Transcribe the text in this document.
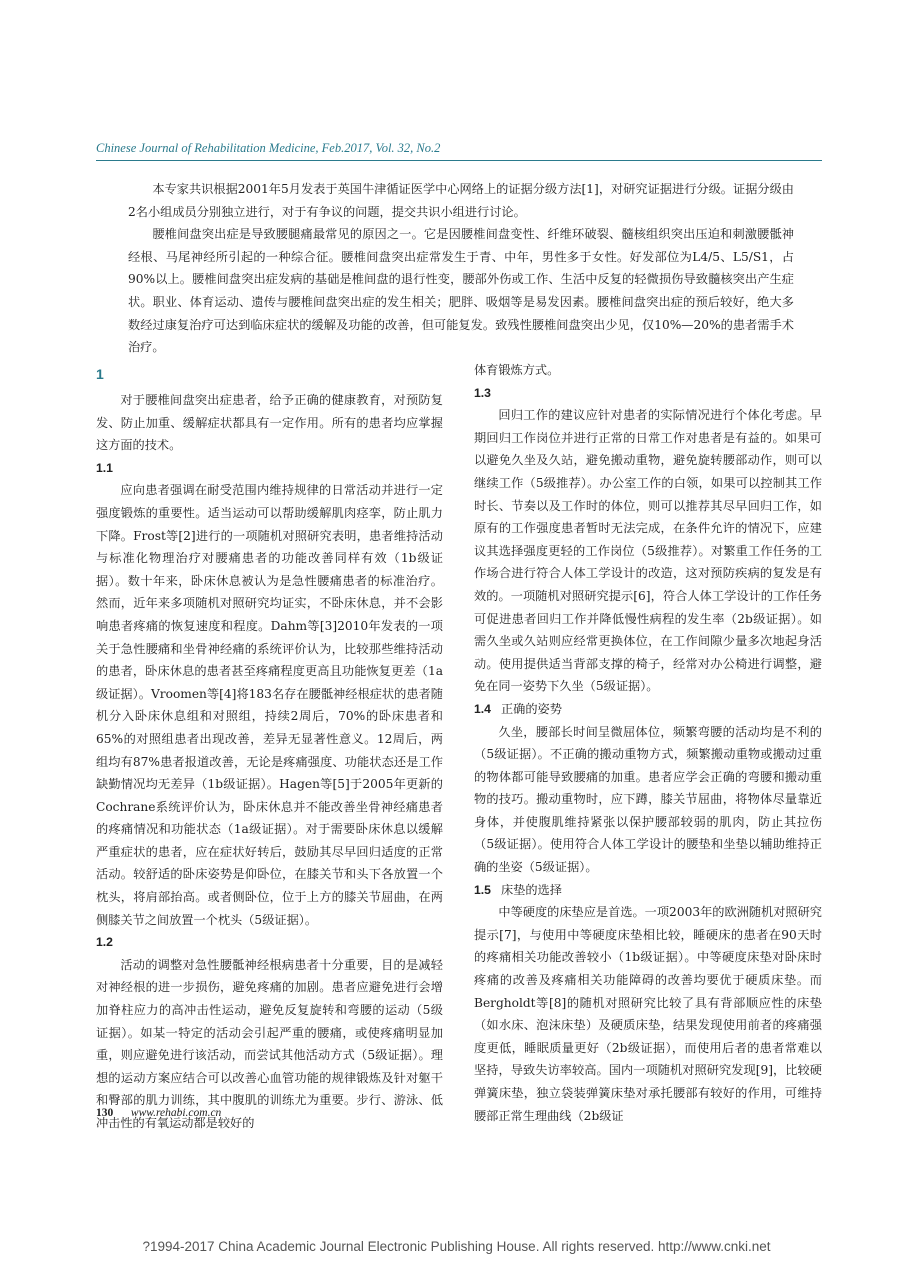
Chinese Journal of Rehabilitation Medicine, Feb.2017, Vol. 32, No.2

本专家共识根据2001年5月发表于英国牛津循证医学中心网络上的证据分级方法[1]，对研究证据进行分级。证据分级由2名小组成员分别独立进行，对于有争议的问题，提交共识小组进行讨论。

腰椎间盘突出症是导致腰腿痛最常见的原因之一。它是因腰椎间盘变性、纤维环破裂、髓核组织突出压迫和刺激腰骶神经根、马尾神经所引起的一种综合征。腰椎间盘突出症常发生于青、中年，男性多于女性。好发部位为L4/5、L5/S1，占90%以上。腰椎间盘突出症发病的基础是椎间盘的退行性变，腰部外伤或工作、生活中反复的轻微损伤导致髓核突出产生症状。职业、体育运动、遗传与腰椎间盘突出症的发生相关；肥胖、吸烟等是易发因素。腰椎间盘突出症的预后较好，绝大多数经过康复治疗可达到临床症状的缓解及功能的改善，但可能复发。致残性腰椎间盘突出少见，仅10%—20%的患者需手术治疗。

1

对于腰椎间盘突出症患者，给予正确的健康教育，对预防复发、防止加重、缓解症状都具有一定作用。所有的患者均应掌握这方面的技术。

1.1

应向患者强调在耐受范围内维持规律的日常活动并进行一定强度锻炼的重要性。适当运动可以帮助缓解肌肉痉挛，防止肌力下降。Frost等[2]进行的一项随机对照研究表明，患者维持活动与标准化物理治疗对腰痛患者的功能改善同样有效（1b级证据）。数十年来，卧床休息被认为是急性腰痛患者的标准治疗。然而，近年来多项随机对照研究均证实，不卧床休息，并不会影响患者疼痛的恢复速度和程度。Dahm等[3]2010年发表的一项关于急性腰痛和坐骨神经痛的系统评价认为，比较那些维持活动的患者，卧床休息的患者甚至疼痛程度更高且功能恢复更差（1a级证据）。Vroomen等[4]将183名存在腰骶神经根症状的患者随机分入卧床休息组和对照组，持续2周后，70%的卧床患者和65%的对照组患者出现改善，差异无显著性意义。12周后，两组均有87%患者报道改善，无论是疼痛强度、功能状态还是工作缺勤情况均无差异（1b级证据）。Hagen等[5]于2005年更新的Cochrane系统评价认为，卧床休息并不能改善坐骨神经痛患者的疼痛情况和功能状态（1a级证据）。对于需要卧床休息以缓解严重症状的患者，应在症状好转后，鼓励其尽早回归适度的正常活动。较舒适的卧床姿势是仰卧位，在膝关节和头下各放置一个枕头，将肩部抬高。或者侧卧位，位于上方的膝关节屈曲，在两侧膝关节之间放置一个枕头（5级证据）。

1.2

活动的调整对急性腰骶神经根病患者十分重要，目的是减轻对神经根的进一步损伤，避免疼痛的加剧。患者应避免进行会增加脊柱应力的高冲击性运动，避免反复旋转和弯腰的运动（5级证据）。如某一特定的活动会引起严重的腰痛，或使疼痛明显加重，则应避免进行该活动，而尝试其他活动方式（5级证据）。理想的运动方案应结合可以改善心血管功能的规律锻炼及针对躯干和臀部的肌力训练，其中腹肌的训练尤为重要。步行、游泳、低冲击性的有氧运动都是较好的

体育锻炼方式。

1.3

回归工作的建议应针对患者的实际情况进行个体化考虑。早期回归工作岗位并进行正常的日常工作对患者是有益的。如果可以避免久坐及久站，避免搬动重物，避免旋转腰部动作，则可以继续工作（5级推荐）。办公室工作的白领，如果可以控制其工作时长、节奏以及工作时的体位，则可以推荐其尽早回归工作，如原有的工作强度患者暂时无法完成，在条件允许的情况下，应建议其选择强度更轻的工作岗位（5级推荐）。对繁重工作任务的工作场合进行符合人体工学设计的改造，这对预防疾病的复发是有效的。一项随机对照研究提示[6]，符合人体工学设计的工作任务可促进患者回归工作并降低慢性病程的发生率（2b级证据）。如需久坐或久站则应经常更换体位，在工作间隙少量多次地起身活动。使用提供适当背部支撑的椅子，经常对办公椅进行调整，避免在同一姿势下久坐（5级证据）。

1.4 正确的姿势

久坐，腰部长时间呈微屈体位，频繁弯腰的活动均是不利的（5级证据）。不正确的搬动重物方式，频繁搬动重物或搬动过重的物体都可能导致腰痛的加重。患者应学会正确的弯腰和搬动重物的技巧。搬动重物时，应下蹲，膝关节屈曲，将物体尽量靠近身体，并使腹肌维持紧张以保护腰部较弱的肌肉，防止其拉伤（5级证据）。使用符合人体工学设计的腰垫和坐垫以辅助维持正确的坐姿（5级证据）。

1.5 床垫的选择

中等硬度的床垫应是首选。一项2003年的欧洲随机对照研究提示[7]，与使用中等硬度床垫相比较，睡硬床的患者在90天时的疼痛相关功能改善较小（1b级证据）。中等硬度床垫对卧床时疼痛的改善及疼痛相关功能障碍的改善均要优于硬质床垫。而Bergholdt等[8]的随机对照研究比较了具有背部顺应性的床垫（如水床、泡沫床垫）及硬质床垫，结果发现使用前者的疼痛强度更低，睡眠质量更好（2b级证据），而使用后者的患者常难以坚持，导致失访率较高。国内一项随机对照研究发现[9]，比较硬弹簧床垫，独立袋装弹簧床垫对承托腰部有较好的作用，可维持腰部正常生理曲线（2b级证

130 www.rehabi.com.cn
?1994-2017 China Academic Journal Electronic Publishing House. All rights reserved. http://www.cnki.net
